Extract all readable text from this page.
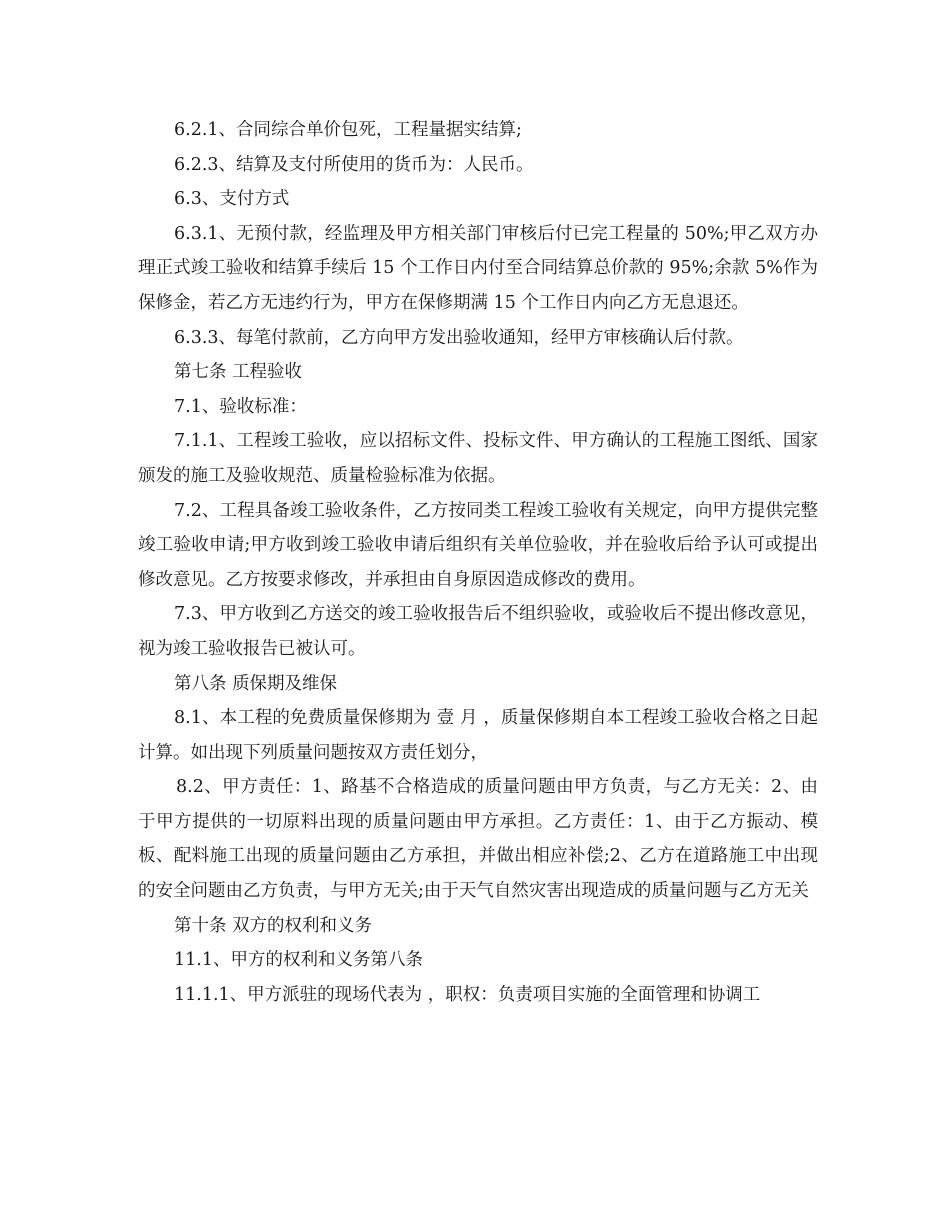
6.2.1、合同综合单价包死，工程量据实结算;

6.2.3、结算及支付所使用的货币为：人民币。

6.3、支付方式

6.3.1、无预付款，经监理及甲方相关部门审核后付已完工程量的 50%;甲乙双方办理正式竣工验收和结算手续后 15 个工作日内付至合同结算总价款的 95%;余款 5%作为保修金，若乙方无违约行为，甲方在保修期满 15 个工作日内向乙方无息退还。

6.3.3、每笔付款前，乙方向甲方发出验收通知，经甲方审核确认后付款。

第七条 工程验收

7.1、验收标准：

7.1.1、工程竣工验收，应以招标文件、投标文件、甲方确认的工程施工图纸、国家颁发的施工及验收规范、质量检验标准为依据。

7.2、工程具备竣工验收条件，乙方按同类工程竣工验收有关规定，向甲方提供完整竣工验收申请;甲方收到竣工验收申请后组织有关单位验收，并在验收后给予认可或提出修改意见。乙方按要求修改，并承担由自身原因造成修改的费用。

7.3、甲方收到乙方送交的竣工验收报告后不组织验收，或验收后不提出修改意见，视为竣工验收报告已被认可。

第八条 质保期及维保

8.1、本工程的免费质量保修期为 壹 月 ，质量保修期自本工程竣工验收合格之日起计算。如出现下列质量问题按双方责任划分，

8.2、甲方责任：1、路基不合格造成的质量问题由甲方负责，与乙方无关：2、由于甲方提供的一切原料出现的质量问题由甲方承担。乙方责任：1、由于乙方振动、模板、配料施工出现的质量问题由乙方承担，并做出相应补偿;2、乙方在道路施工中出现的安全问题由乙方负责，与甲方无关;由于天气自然灾害出现造成的质量问题与乙方无关

第十条 双方的权利和义务

11.1、甲方的权利和义务第八条

11.1.1、甲方派驻的现场代表为 ，职权：负责项目实施的全面管理和协调工
